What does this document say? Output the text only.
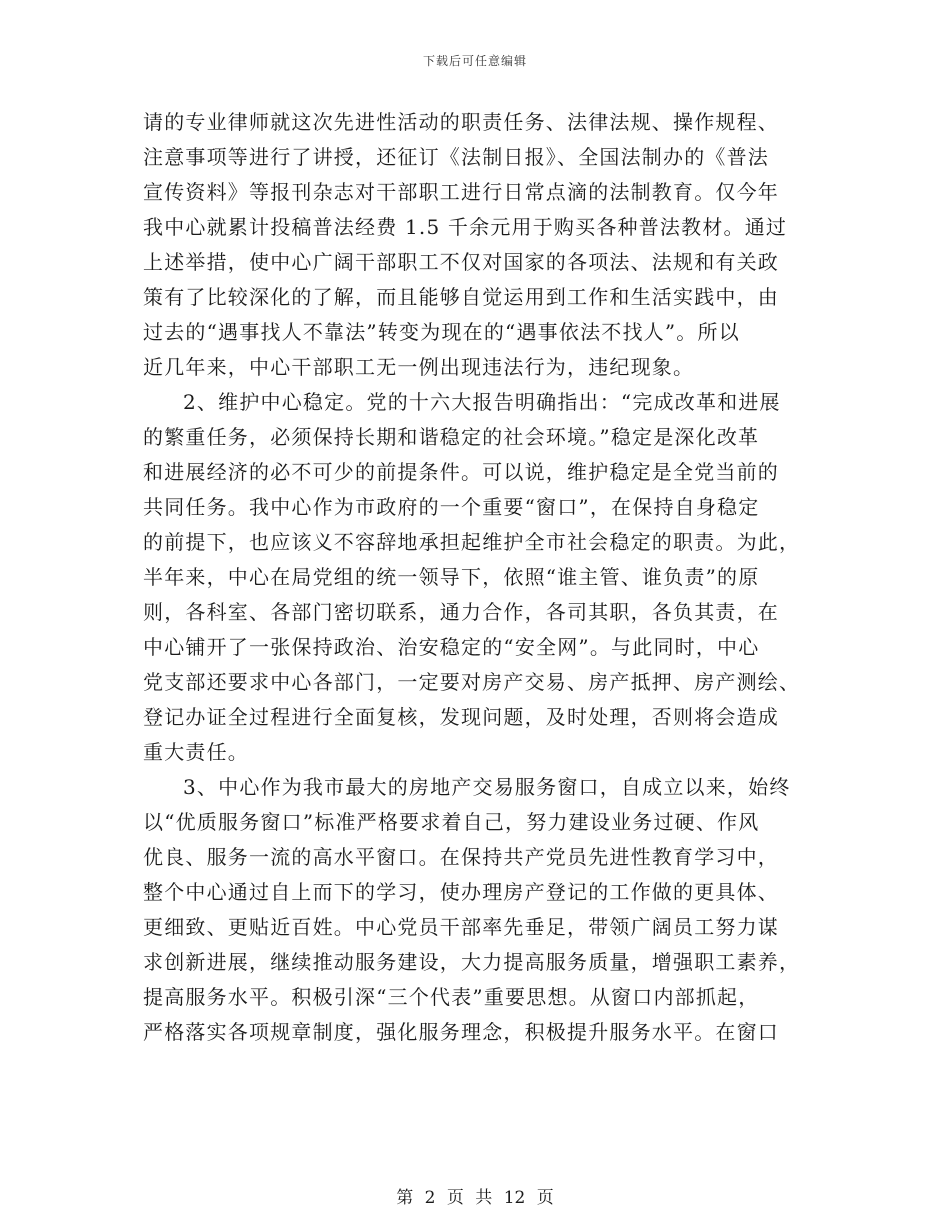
下载后可任意编辑
请的专业律师就这次先进性活动的职责任务、法律法规、操作规程、
注意事项等进行了讲授，还征订《法制日报》、全国法制办的《普法
宣传资料》等报刊杂志对干部职工进行日常点滴的法制教育。仅今年
我中心就累计投稿普法经费 1.5 千余元用于购买各种普法教材。通过
上述举措，使中心广阔干部职工不仅对国家的各项法、法规和有关政
策有了比较深化的了解，而且能够自觉运用到工作和生活实践中，由
过去的“遇事找人不靠法”转变为现在的“遇事依法不找人”。所以
近几年来，中心干部职工无一例出现违法行为，违纪现象。
2、维护中心稳定。党的十六大报告明确指出：“完成改革和进展
的繁重任务，必须保持长期和谐稳定的社会环境。”稳定是深化改革
和进展经济的必不可少的前提条件。可以说，维护稳定是全党当前的
共同任务。我中心作为市政府的一个重要“窗口”，在保持自身稳定
的前提下，也应该义不容辞地承担起维护全市社会稳定的职责。为此，
半年来，中心在局党组的统一领导下，依照“谁主管、谁负责”的原
则，各科室、各部门密切联系，通力合作，各司其职，各负其责，在
中心铺开了一张保持政治、治安稳定的“安全网”。与此同时，中心
党支部还要求中心各部门，一定要对房产交易、房产抵押、房产测绘、
登记办证全过程进行全面复核，发现问题，及时处理，否则将会造成
重大责任。
3、中心作为我市最大的房地产交易服务窗口，自成立以来，始终
以“优质服务窗口”标准严格要求着自己，努力建设业务过硬、作风
优良、服务一流的高水平窗口。在保持共产党员先进性教育学习中，
整个中心通过自上而下的学习，使办理房产登记的工作做的更具体、
更细致、更贴近百姓。中心党员干部率先垂足，带领广阔员工努力谋
求创新进展，继续推动服务建设，大力提高服务质量，增强职工素养，
提高服务水平。积极引深“三个代表”重要思想。从窗口内部抓起，
严格落实各项规章制度，强化服务理念，积极提升服务水平。在窗口
第 2 页 共 12 页
